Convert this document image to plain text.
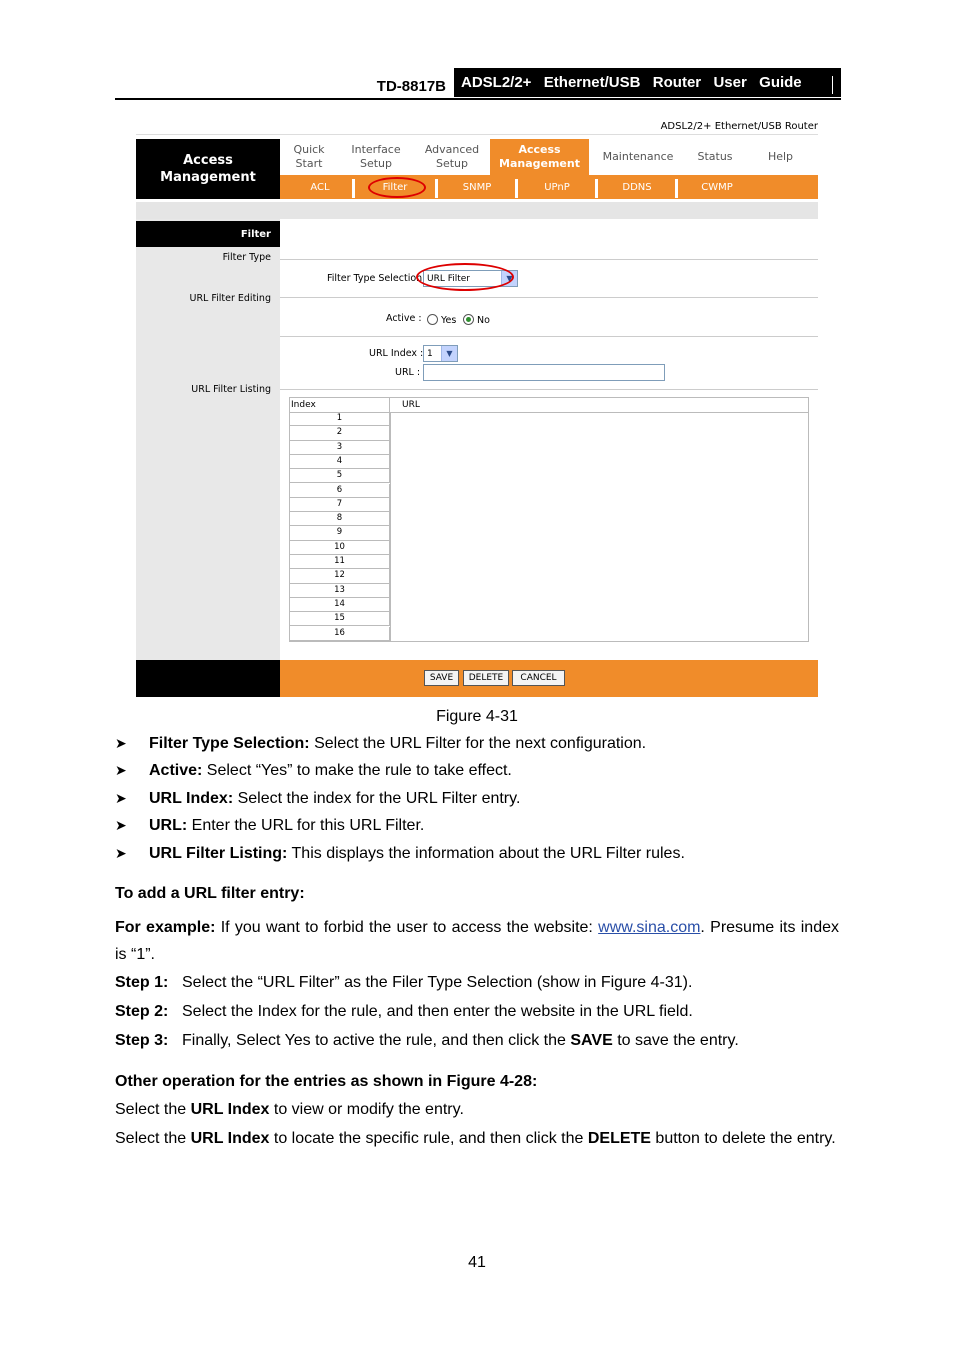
TD-8817B ADSL2/2+  Ethernet/USB  Router  User  Guide
ADSL2/2+ Ethernet/USB Router
Access
Management
Quick
Start
Interface
Setup
Advanced
Setup
Access
Management
Maintenance Status	Help
ACL	Filter	SNMP	UPnP	DDNS	CWMP
Filter
Filter Type
URL Filter Editing
URL Filter Listing
Filter Type Selection URL Filter	▼
Active : Yes No
URL Index : 1	▼
URL :
Index	URL
1
2
3
4
5
6
7
8
9
10
11
12
13
14
15
16
SAVE	DELETE	CANCEL
Figure 4-31
➤ Filter Type Selection: Select the URL Filter for the next configuration.
➤ Active: Select “Yes” to make the rule to take effect.
➤ URL Index: Select the index for the URL Filter entry.
➤ URL: Enter the URL for this URL Filter.
➤ URL Filter Listing: This displays the information about the URL Filter rules.
To add a URL filter entry:
For example: If you want to forbid the user to access the website: www.sina.com. Presume its index is “1”.
Step 1: Select the “URL Filter” as the Filer Type Selection (show in Figure 4-31).
Step 2: Select the Index for the rule, and then enter the website in the URL field.
Step 3: Finally, Select Yes to active the rule, and then click the SAVE to save the entry.
Other operation for the entries as shown in Figure 4-28:
Select the URL Index to view or modify the entry.
Select the URL Index to locate the specific rule, and then click the DELETE button to delete the entry.
41
